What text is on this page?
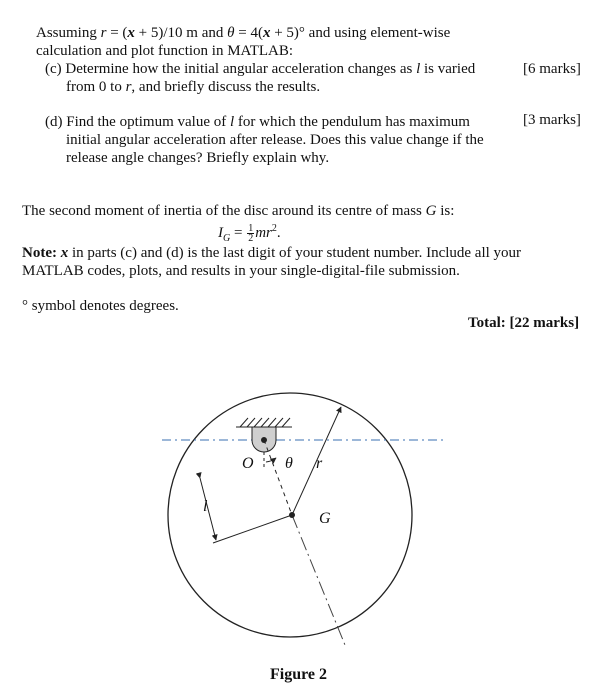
Assuming r = (x + 5)/10 m and θ = 4(x + 5)° and using element-wise
calculation and plot function in MATLAB:
(c) Determine how the initial angular acceleration changes as l is varied
from 0 to r, and briefly discuss the results.
[6 marks]
(d) Find the optimum value of l for which the pendulum has maximum
initial angular acceleration after release. Does this value change if the
release angle changes? Briefly explain why.
[3 marks]
The second moment of inertia of the disc around its centre of mass G is:
$I_G = \frac{1}{2} mr^2$.
Note: x in parts (c) and (d) is the last digit of your student number. Include all your
MATLAB codes, plots, and results in your single-digital-file submission.
° symbol denotes degrees.
Total: [22 marks]
O θ r
l
G
Figure 2
